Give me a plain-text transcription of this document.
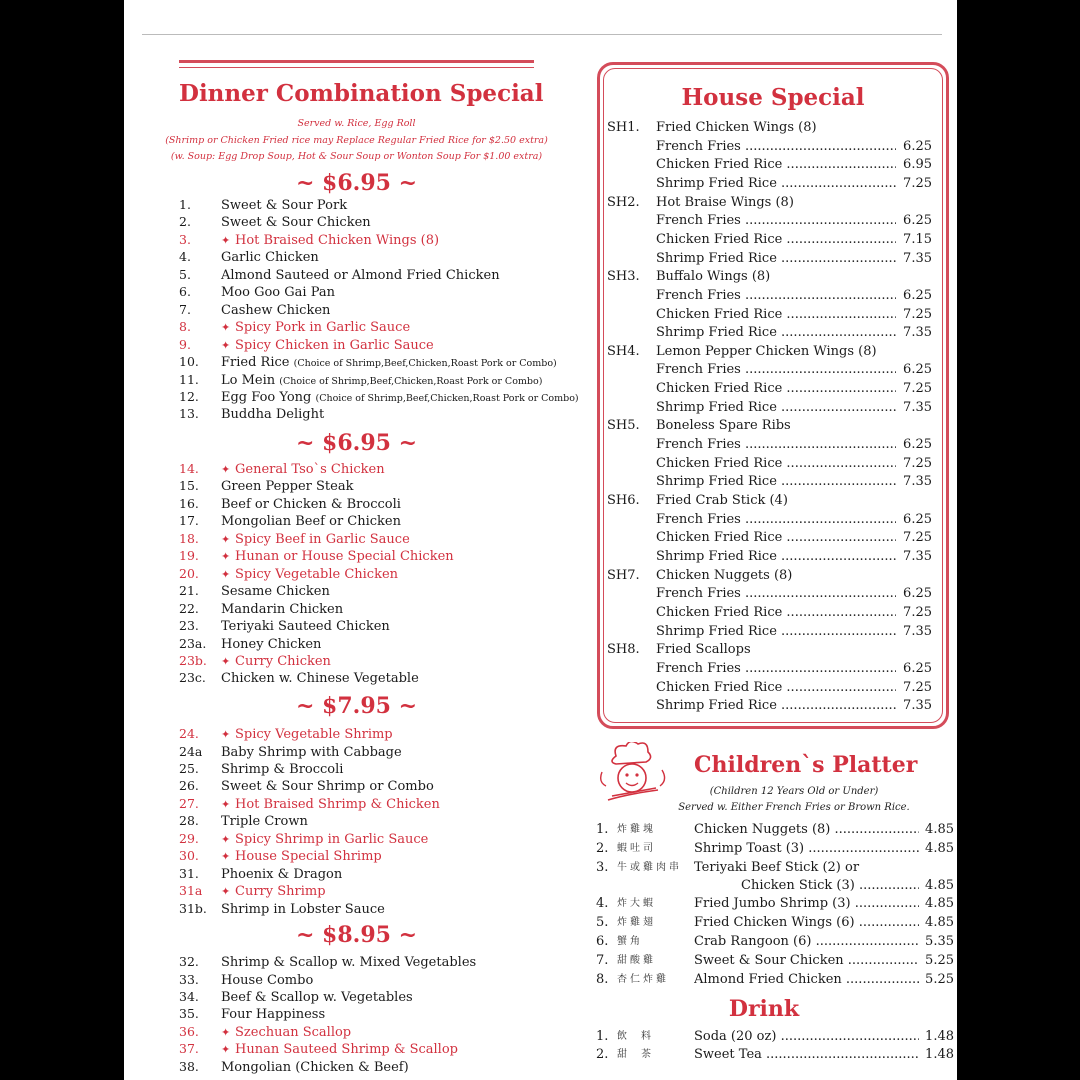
Dinner Combination Special
Served w. Rice, Egg Roll
(Shrimp or Chicken Fried rice may Replace Regular Fried Rice for $2.50 extra)
(w. Soup: Egg Drop Soup, Hot & Sour Soup or Wonton Soup For $1.00 extra)
~ $6.95 ~
1. Sweet & Sour Pork
2. Sweet & Sour Chicken
3.	✦ Hot Braised Chicken Wings (8)
4. Garlic Chicken
5. Almond Sauteed or Almond Fried Chicken
6. Moo Goo Gai Pan
7. Cashew Chicken
8.	✦ Spicy Pork in Garlic Sauce
9.	✦ Spicy Chicken in Garlic Sauce
10. Fried Rice (Choice of Shrimp,Beef,Chicken,Roast Pork or Combo)
11. Lo Mein (Choice of Shrimp,Beef,Chicken,Roast Pork or Combo)
12. Egg Foo Yong (Choice of Shrimp,Beef,Chicken,Roast Pork or Combo)
13. Buddha Delight
~ $6.95 ~
14. ✦ General Tso`s Chicken
15. Green Pepper Steak
16. Beef or Chicken & Broccoli
17. Mongolian Beef or Chicken
18. ✦ Spicy Beef in Garlic Sauce
19. ✦ Hunan or House Special Chicken
20. ✦ Spicy Vegetable Chicken
21. Sesame Chicken
22. Mandarin Chicken
23. Teriyaki Sauteed Chicken
23a. Honey Chicken
23b. ✦ Curry Chicken
23c. Chicken w. Chinese Vegetable
~ $7.95 ~
24. ✦ Spicy Vegetable Shrimp
24a Baby Shrimp with Cabbage
25. Shrimp & Broccoli
26. Sweet & Sour Shrimp or Combo
27. ✦ Hot Braised Shrimp & Chicken
28. Triple Crown
29. ✦ Spicy Shrimp in Garlic Sauce
30. ✦ House Special Shrimp
31. Phoenix & Dragon
31a ✦ Curry Shrimp
31b. Shrimp in Lobster Sauce
~ $8.95 ~
32. Shrimp & Scallop w. Mixed Vegetables
33. House Combo
34. Beef & Scallop w. Vegetables
35. Four Happiness
36. ✦ Szechuan Scallop
37. ✦ Hunan Sauteed Shrimp & Scallop
38. Mongolian (Chicken & Beef)
House Special
SH1.	Fried Chicken Wings (8)
French Fries .....	6.25
Chicken Fried Rice .....	6.95
Shrimp Fried Rice .....	7.25
SH2.	Hot Braise Wings (8)
French Fries .....	6.25
Chicken Fried Rice .....	7.15
Shrimp Fried Rice .....	7.35
SH3.	Buffalo Wings (8)
French Fries .....	6.25
Chicken Fried Rice .....	7.25
Shrimp Fried Rice .....	7.35
SH4.	Lemon Pepper Chicken Wings (8)
French Fries .....	6.25
Chicken Fried Rice .....	7.25
Shrimp Fried Rice .....	7.35
SH5.	Boneless Spare Ribs
French Fries .....	6.25
Chicken Fried Rice .....	7.25
Shrimp Fried Rice .....	7.35
SH6.	Fried Crab Stick (4)
French Fries .....	6.25
Chicken Fried Rice .....	7.25
Shrimp Fried Rice .....	7.35
SH7.	Chicken Nuggets (8)
French Fries .....	6.25
Chicken Fried Rice .....	7.25
Shrimp Fried Rice .....	7.35
SH8.	Fried Scallops
French Fries .....	6.25
Chicken Fried Rice .....	7.25
Shrimp Fried Rice .....	7.35
Children`s Platter
(Children 12 Years Old or Under)
Served w. Either French Fries or Brown Rice.
1. 炸雞塊	Chicken Nuggets (8) .....	4.85
2. 蝦吐司	Shrimp Toast (3) .....	4.85
3. 牛或雞肉串 Teriyaki Beef Stick (2) or
Chicken Stick (3) .....	4.85
4. 炸大蝦	Fried Jumbo Shrimp (3) .....	4.85
5. 炸雞翅	Fried Chicken Wings (6) .....	4.85
6. 蟹角	Crab Rangoon (6) .....	5.35
7. 甜酸雞	Sweet & Sour Chicken .....	5.25
8. 杏仁炸雞 Almond Fried Chicken .....	5.25
Drink
1. 飲料 Soda (20 oz) .....	1.48
2. 甜茶 Sweet Tea .....	1.48
